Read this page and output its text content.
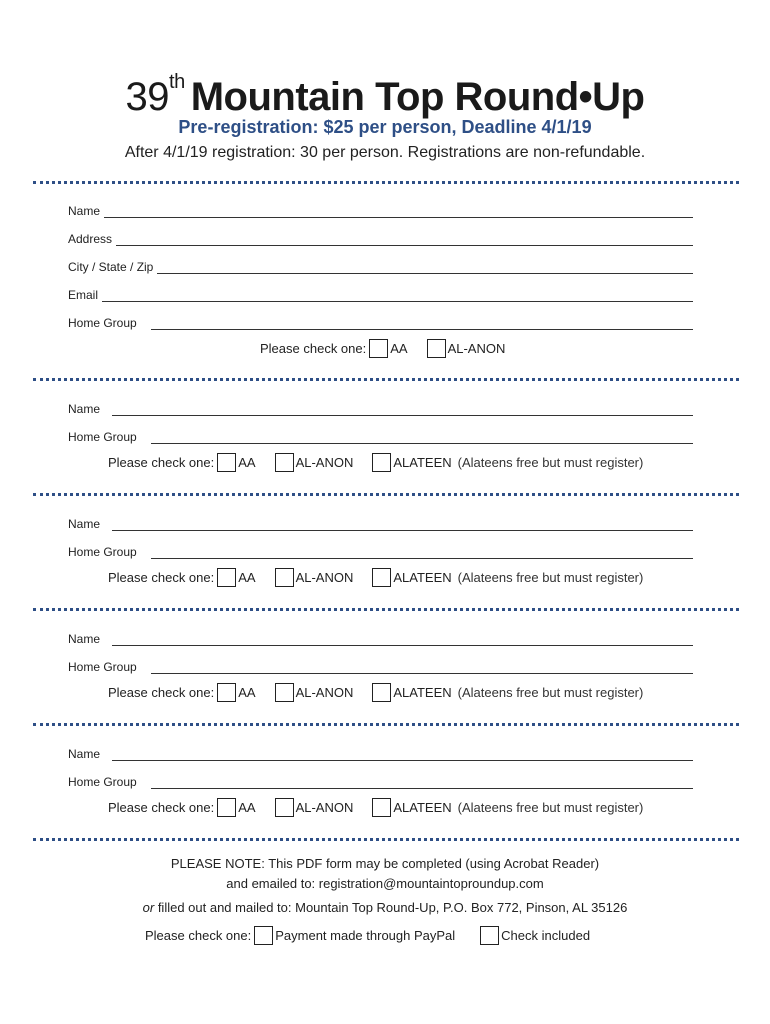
39th Mountain Top Round•Up
Pre-registration: $25 per person, Deadline 4/1/19
After 4/1/19 registration: 30 per person. Registrations are non-refundable.
Name
Address
City / State / Zip
Email
Home Group
Please check one: AA	AL-ANON
Name
Home Group
Please check one: AA	AL-ANON	ALATEEN (Alateens free but must register)
Name
Home Group
Please check one: AA	AL-ANON	ALATEEN (Alateens free but must register)
Name
Home Group
Please check one: AA	AL-ANON	ALATEEN (Alateens free but must register)
Name
Home Group
Please check one: AA	AL-ANON	ALATEEN (Alateens free but must register)
PLEASE NOTE: This PDF form may be completed (using Acrobat Reader)
and emailed to: registration@mountaintoproundup.com
or filled out and mailed to: Mountain Top Round-Up, P.O. Box 772, Pinson, AL 35126
Please check one: Payment made through PayPal	Check included
